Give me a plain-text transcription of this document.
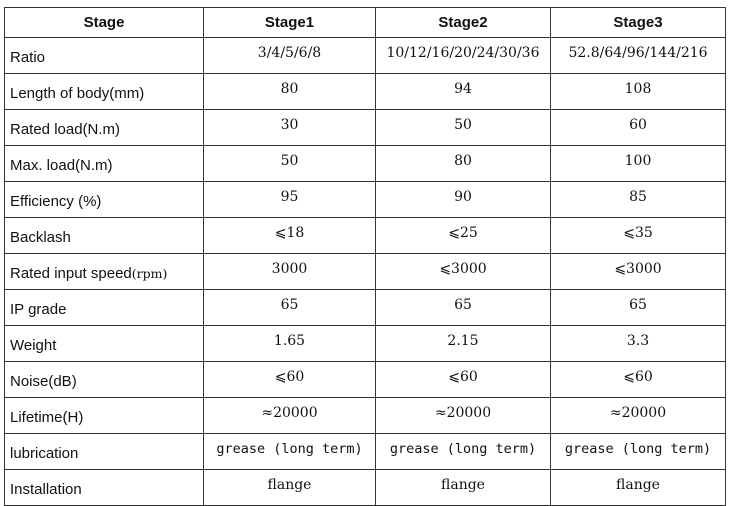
Stage	Stage1	Stage2	Stage3
Ratio	3/4/5/6/8	10/12/16/20/24/30/36	52.8/64/96/144/216
Length of body(mm)	80	94	108
Rated load(N.m)	30	50	60
Max. load(N.m)	50	80	100
Efficiency (%)	95	90	85
Backlash	⩽18	⩽25	⩽35
Rated input speed(rpm)	3000	⩽3000	⩽3000
IP grade	65	65	65
Weight	1.65	2.15	3.3
Noise(dB)	⩽60	⩽60	⩽60
Lifetime(H)	≈20000	≈20000	≈20000
lubrication	grease (long term)	grease (long term)	grease (long term)
Installation	flange	flange	flange
